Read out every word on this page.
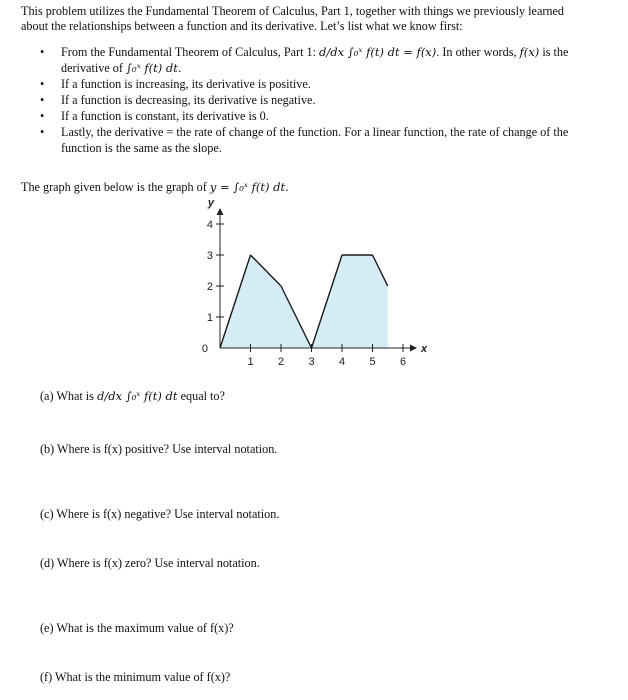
This problem utilizes the Fundamental Theorem of Calculus, Part 1, together with things we previously learned
about the relationships between a function and its derivative. Let’s list what we know first:
• From the Fundamental Theorem of Calculus, Part 1: d/dx ∫₀ˣ f(t) dt = f(x). In other words, f(x) is the
derivative of ∫₀ˣ f(t) dt.
• If a function is increasing, its derivative is positive.
• If a function is decreasing, its derivative is negative.
• If a function is constant, its derivative is 0.
• Lastly, the derivative = the rate of change of the function. For a linear function, the rate of change of the
function is the same as the slope.
The graph given below is the graph of y = ∫₀ˣ f(t) dt.
1 2 3 4 5 6
1
2
3
4
0	x
y
(a) What is d/dx ∫₀ˣ f(t) dt equal to?
(b) Where is f(x) positive? Use interval notation.
(c) Where is f(x) negative? Use interval notation.
(d) Where is f(x) zero? Use interval notation.
(e) What is the maximum value of f(x)?
(f) What is the minimum value of f(x)?
